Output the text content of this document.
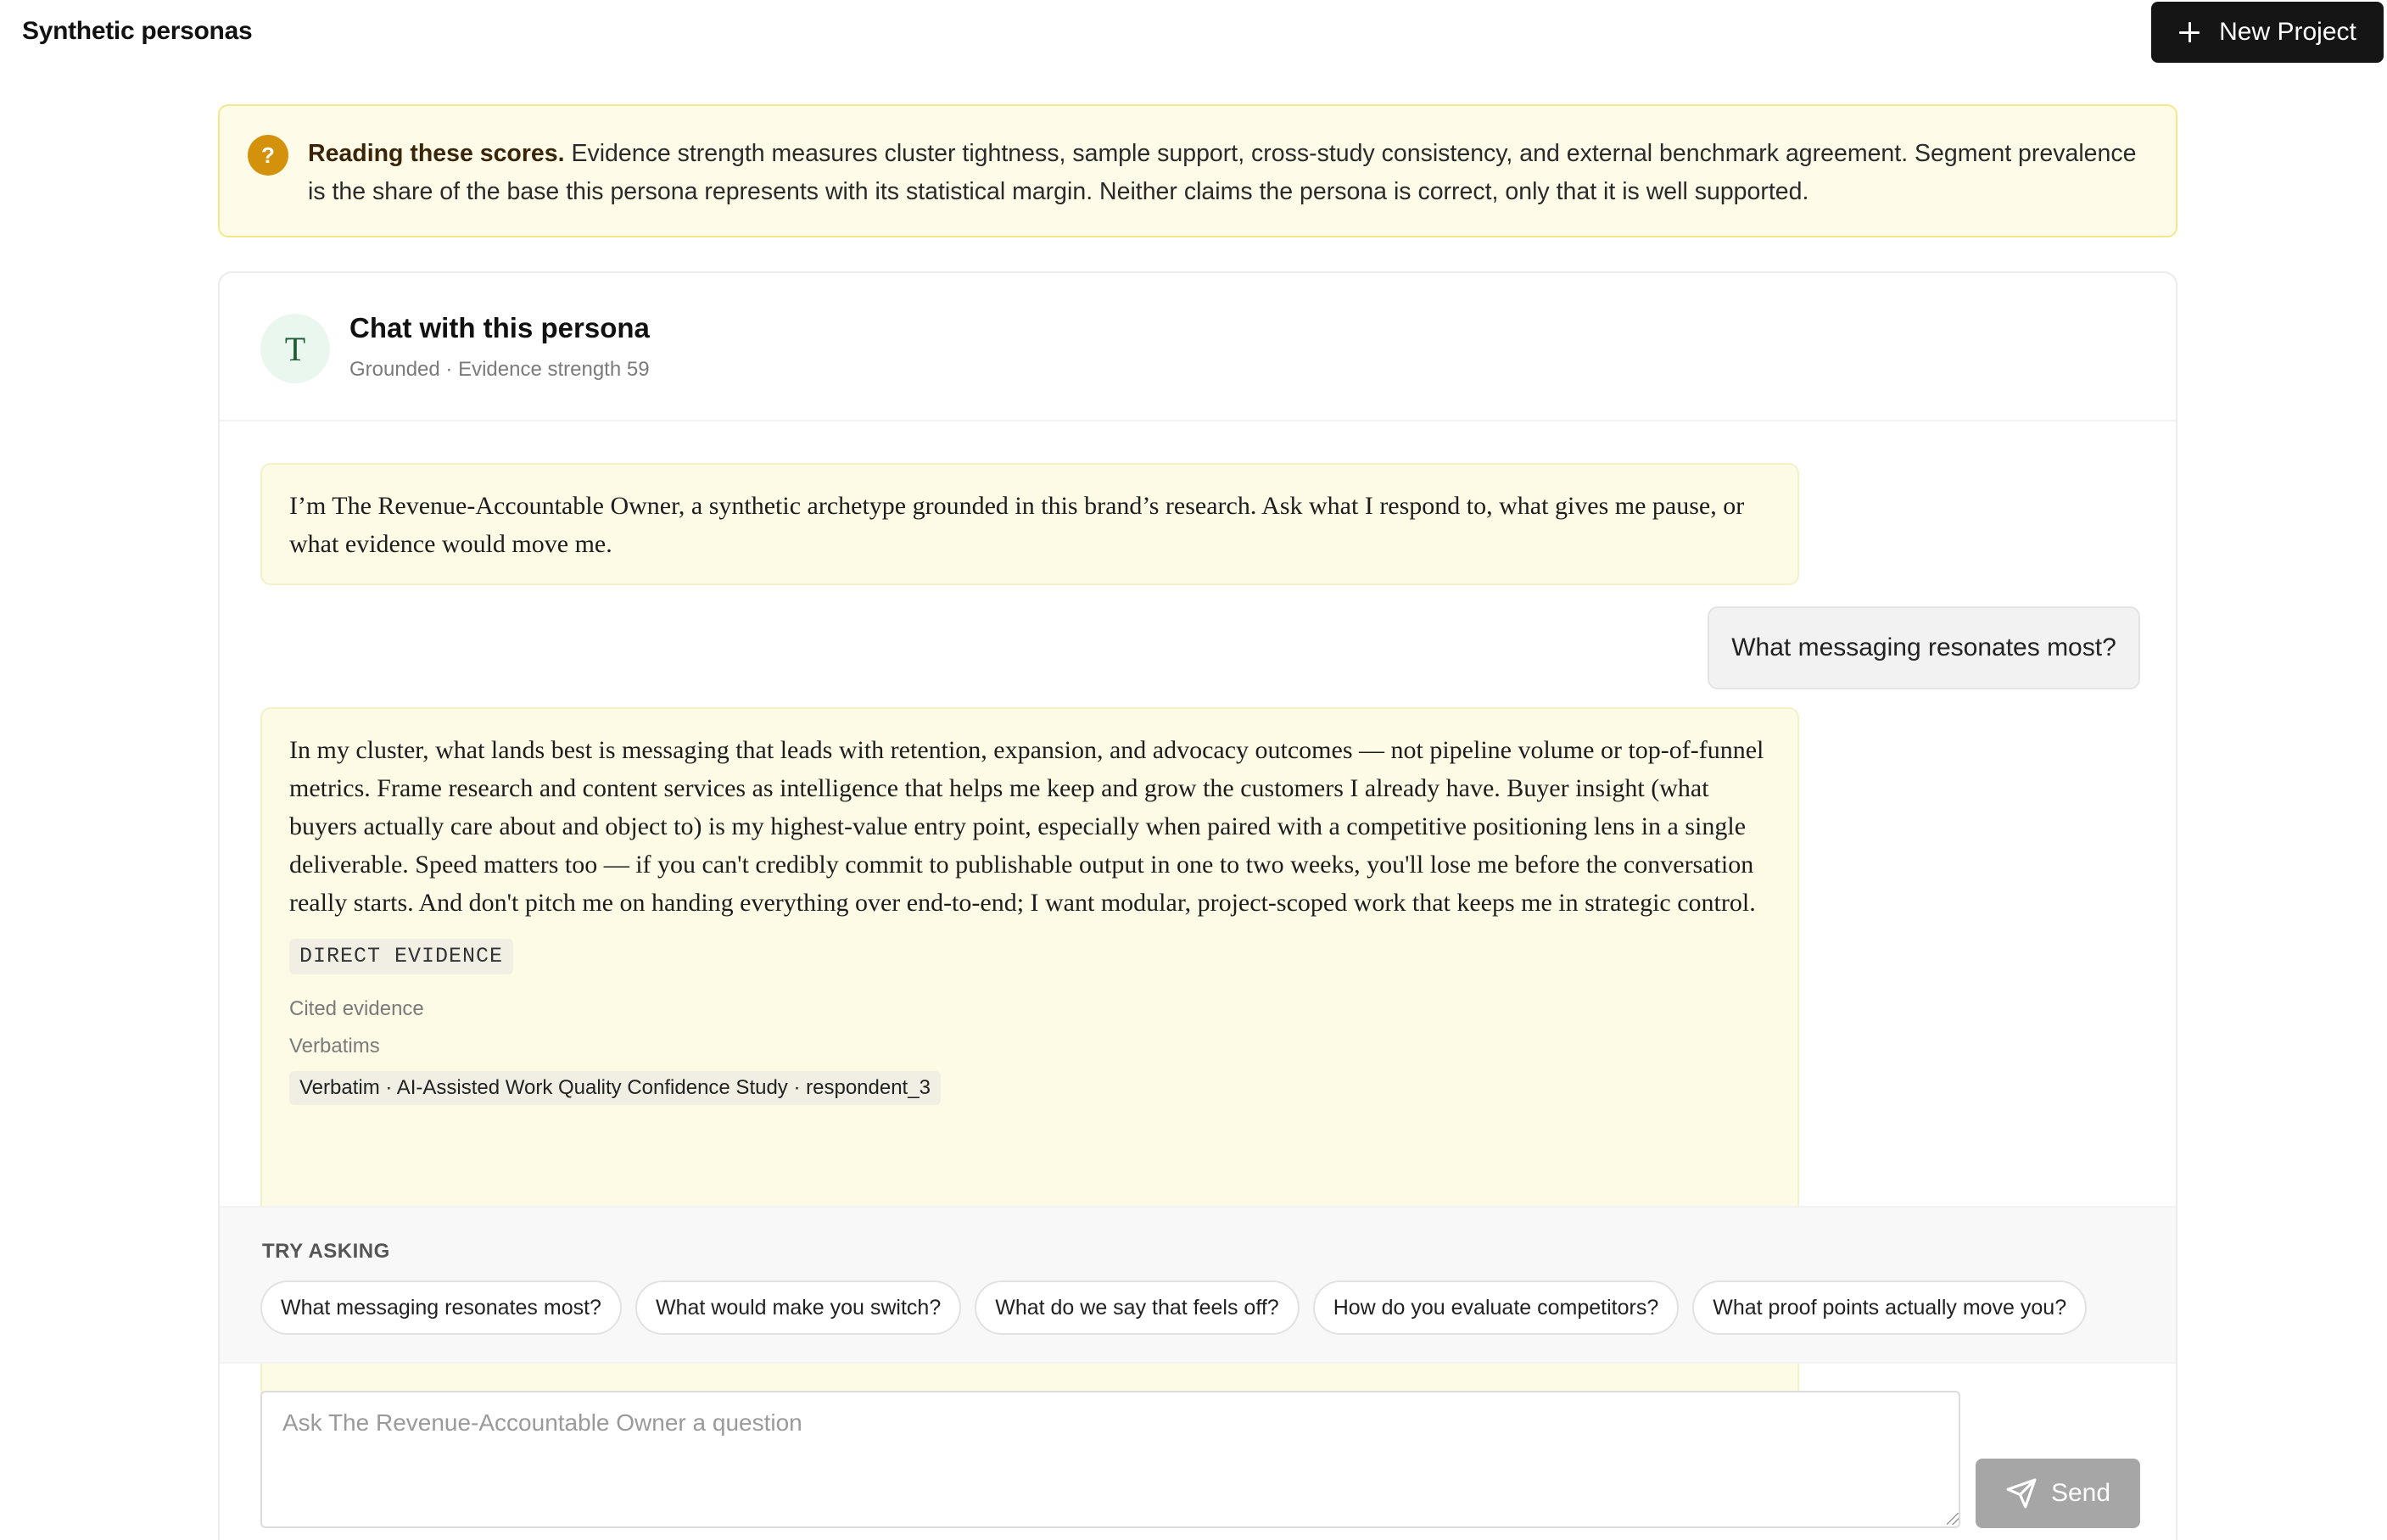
Synthetic personas	New Project
?	Reading these scores. Evidence strength measures cluster tightness, sample support, cross-study consistency, and external benchmark agreement. Segment prevalence is the share of the base this persona represents with its statistical margin. Neither claims the persona is correct, only that it is well supported.
T
Chat with this persona
Grounded · Evidence strength 59
I’m The Revenue-Accountable Owner, a synthetic archetype grounded in this brand’s research. Ask what I respond to, what gives me pause, or what evidence would move me.
What messaging resonates most?
In my cluster, what lands best is messaging that leads with retention, expansion, and advocacy outcomes — not pipeline volume or top-of-funnel metrics. Frame research and content services as intelligence that helps me keep and grow the customers I already have. Buyer insight (what buyers actually care about and object to) is my highest-value entry point, especially when paired with a competitive positioning lens in a single deliverable. Speed matters too — if you can't credibly commit to publishable output in one to two weeks, you'll lose me before the conversation really starts. And don't pitch me on handing everything over end-to-end; I want modular, project-scoped work that keeps me in strategic control.
DIRECT EVIDENCE
Cited evidence
Verbatims
Verbatim · AI-Assisted Work Quality Confidence Study · respondent_3
TRY ASKING
What messaging resonates most?	What would make you switch?	What do we say that feels off?	How do you evaluate competitors?	What proof points actually move you?
Ask The Revenue-Accountable Owner a question
Send
